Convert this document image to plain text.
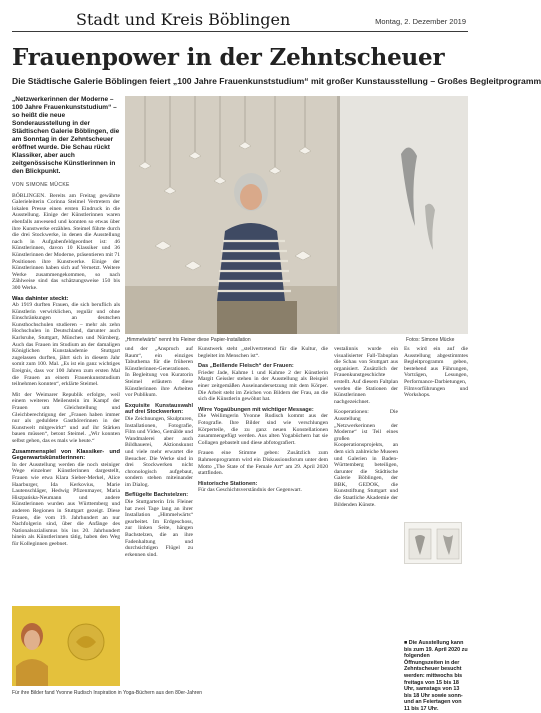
Stadt und Kreis Böblingen	Montag, 2. Dezember 2019
Frauenpower in der Zehntscheuer
Die Städtische Galerie Böblingen feiert „100 Jahre Frauenkunststudium“ mit großer Kunstausstellung – Großes Begleitprogramm
„Netzwerkerinnen der Moderne – 100 Jahre Frauenkunststudium“ – so heißt die neue Sonderausstellung in der Städtischen Galerie Böblingen, die am Sonntag in der Zehntscheuer eröffnet wurde. Die Schau rückt Klassiker, aber auch zeitgenössische Künstlerinnen in den Blickpunkt.
VON SIMONE MÜCKE

BÖBLINGEN. Bereits am Freitag gewährte Galerieleiterin Corinna Steimel Vertretern der lokalen Presse einen ersten Eindruck in die Ausstellung. Einige der Künstlerinnen waren ebenfalls anwesend und konnten so etwas über ihre Kunstwerke erzählen. Steimel führte durch die drei Stockwerke, in denen die Ausstellung nach in Aufgabenfeldgeordnet ist: 46 Künstlerinnen, davon 10 Klassiker und 36 Künstlerinnen der Moderne, präsentieren mit 71 Positionen ihre Kunstwerke. Einige der Künstlerinnen haben sich auf Vernetzt. Weitere Werke zusammengekommen, so nach Zählweise sind das schätzungsweise 150 bis 300 Werke.

Was dahinter steckt:

Ab 1919 durften Frauen, die sich beruflich als Künstlerin verwirklichen, regulär und ohne Einschränkungen an deutschen Kunsthochschulen studieren – mehr als zehn Hochschulen in Deutschland, darunter auch Karlsruhe, Stuttgart, München und Nürnberg. Auch das Frauen im Studium an der damaligen Königlichen Kunstakademie Stuttgart zugelassen durften, jährt sich in diesem Jahr somit zum 100. Mal. „Es ist ein ganz wichtiges Ereignis, dass vor 100 Jahren zum ersten Mal die Frauen an einem Frauenkunststudium teilnehmen konnten“, erklärte Steimel.

Mit der Weimarer Republik erfolgte, weil einem weiteren Meilenstein im Kampf der Frauen um Gleichstellung und Gleichberechtigung der „Frauen haben immer nur als geduldete Gasthörerinnen in der Kunstwelt mitgewirkt“ und auf ihr Stärken bauen müssen“, betont Steimel. „Wir konnten selbst gehen, das es mals wie heute.“

Zusammenspiel von Klassiker- und Gegenwartskünstlerinnen:

In der Ausstellung werden die noch steiniger Wege einzelner Künstlerinnen dargestellt, Frauen wie etwa Klara Sieber-Merkel, Alice Haarburger, Ida Kerkovius, Marie Lautenschläger, Hedwig Pfizenmayer, Maria Hiszpańska-Neumann und andere Künstlerinnen wurden aus Württemberg und anderen Regionen in Stuttgart gezeigt. Diese Frauen, die vom 19. Jahrhundert an nur Nachfolgerin sind, über die Anfänge des Nationalsozialismus bis ins 20. Jahrhundert hinein als Künstlerinnen tätig, haben den Weg für Kolleginnen geebnet.

„Himmelwärts“ nennt Iris Fleiner diese Papier-Installation	Fotos: Simone Mücke

und der „Anspruch auf Raum“, ein einziges Tabuthema für die früheren Künstlerinnen-Generationen. In Begleitung von Kuratorin Steimel erläutern diese Künstlerinnen ihre Arbeiten vor Publikum.

Exquisite Kunstauswahl auf drei Stockwerken:

Die Zeichnungen, Skulpturen, Installationen, Fotografie, Film und Video, Gemälde und Wandmalerei aber auch Bildhauerei, Aktionskunst und viele mehr erwartet die Besucher. Die Werke sind in drei Stockwerken nicht chronologisch aufgebaut, sondern stehen miteinander im Dialog.

Beflügelte Bachstelzen:

Die Stuttgarterin Iris Fleiner hat zwei Tage lang an ihrer Installation „Himmelwärts“ gearbeitet. Im Erdgeschoss, zur linken Seite, hängen Bachstelzen, die an ihre Fadenhaltung und durchsichtigen Flügel zu erkennen sind.

Kunstwerk steht „stellvertretend für die Kultur, die begleitet im Menschen ist“.

Das „Beißende Fleisch“ der Frauen:

Frieder Jade, Kahme 1 und Kahme 2 der Künstlerin Margit Geissler stehen in der Ausstellung als Beispiel einer zeitgemäßen Auseinandersetzung mit dem Körper. Die Arbeit steht im Zeichen von Bildern der Frau, an die sich die Künstlerin gewöhnt hat.

Wirre Yogaübungen mit wichtiger Message:

Die Weilimgerin Yvonne Rudisch kommt aus der Fotografie. Ihre Bilder sind wie verschlungen Körperteile, die zu ganz neuen Konstellationen zusammengefügt werden. Aus alten Yogabüchern hat sie Collagen gebastelt und diese abfotografiert.

Frauen eine Stimme geben: Zusätzlich zum Rahmenprogramm wird ein Diskussionsforum unter dem Motto „The State of the Female Art“ am 29. April 2020 stattfinden.

Historische Stationen:

Für das Geschichtsverständnis der Gegenwart.

vestalinnis wurde ein visualisierter Fall-Tabuplan die Schau von Stuttgart aus organisiert. Zusätzlich der Frauenkunstgeschichte erstellt. Auf diesem Faltplan werden die Stationen der Künstlerinnen nachgezeichnet.

Kooperationen: Die Ausstellung „Netzwerkerinnen der Moderne“ ist Teil eines großen Kooperationsprojekts, an dem sich zahlreiche Museen und Galerien in Baden-Württemberg beteiligen, darunter die Städtische Galerie Böblingen, der BBK, GEDOK, die Kunststiftung Stuttgart und die Staatliche Akademie der Bildenden Künste.

Es wird ein auf die Ausstellung abgestimmtes Begleitprogramm geben, bestehend aus Führungen, Vorträgen, Lesungen, Performance-Darbietungen, Filmvorführungen und Workshops.

■ Die Ausstellung kann bis zum 19. April 2020 zu folgenden Öffnungszeiten in der Zehntscheuer besucht werden: mittwochs bis freitags von 15 bis 18 Uhr, samstags von 13 bis 18 Uhr sowie sonn- und an Feiertagen von 11 bis 17 Uhr.
Für ihre Bilder fand Yvonne Rudisch Inspiration in Yoga-Büchern aus den 80er-Jahren
